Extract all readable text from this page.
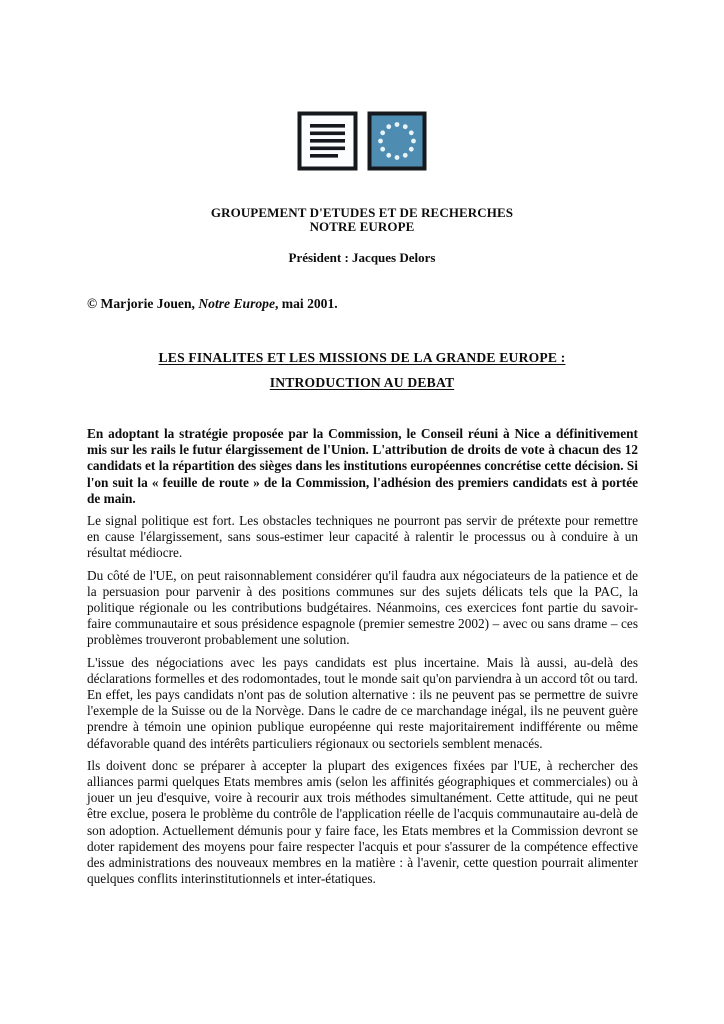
GROUPEMENT D'ETUDES ET DE RECHERCHES
NOTRE EUROPE
Président : Jacques Delors
© Marjorie Jouen, Notre Europe, mai 2001.
LES FINALITES ET LES MISSIONS DE LA GRANDE EUROPE :
INTRODUCTION AU DEBAT

En adoptant la stratégie proposée par la Commission, le Conseil réuni à Nice a définitivement mis sur les rails le futur élargissement de l'Union. L'attribution de droits de vote à chacun des 12 candidats et la répartition des sièges dans les institutions européennes concrétise cette décision. Si l'on suit la « feuille de route » de la Commission, l'adhésion des premiers candidats est à portée de main.

Le signal politique est fort. Les obstacles techniques ne pourront pas servir de prétexte pour remettre en cause l'élargissement, sans sous-estimer leur capacité à ralentir le processus ou à conduire à un résultat médiocre.

Du côté de l'UE, on peut raisonnablement considérer qu'il faudra aux négociateurs de la patience et de la persuasion pour parvenir à des positions communes sur des sujets délicats tels que la PAC, la politique régionale ou les contributions budgétaires. Néanmoins, ces exercices font partie du savoir-faire communautaire et sous présidence espagnole (premier semestre 2002) – avec ou sans drame – ces problèmes trouveront probablement une solution.

L'issue des négociations avec les pays candidats est plus incertaine. Mais là aussi, au-delà des déclarations formelles et des rodomontades, tout le monde sait qu'on parviendra à un accord tôt ou tard. En effet, les pays candidats n'ont pas de solution alternative : ils ne peuvent pas se permettre de suivre l'exemple de la Suisse ou de la Norvège. Dans le cadre de ce marchandage inégal, ils ne peuvent guère prendre à témoin une opinion publique européenne qui reste majoritairement indifférente ou même défavorable quand des intérêts particuliers régionaux ou sectoriels semblent menacés.

Ils doivent donc se préparer à accepter la plupart des exigences fixées par l'UE, à rechercher des alliances parmi quelques Etats membres amis (selon les affinités géographiques et commerciales) ou à jouer un jeu d'esquive, voire à recourir aux trois méthodes simultanément. Cette attitude, qui ne peut être exclue, posera le problème du contrôle de l'application réelle de l'acquis communautaire au-delà de son adoption. Actuellement démunis pour y faire face, les Etats membres et la Commission devront se doter rapidement des moyens pour faire respecter l'acquis et pour s'assurer de la compétence effective des administrations des nouveaux membres en la matière : à l'avenir, cette question pourrait alimenter quelques conflits interinstitutionnels et inter-étatiques.
